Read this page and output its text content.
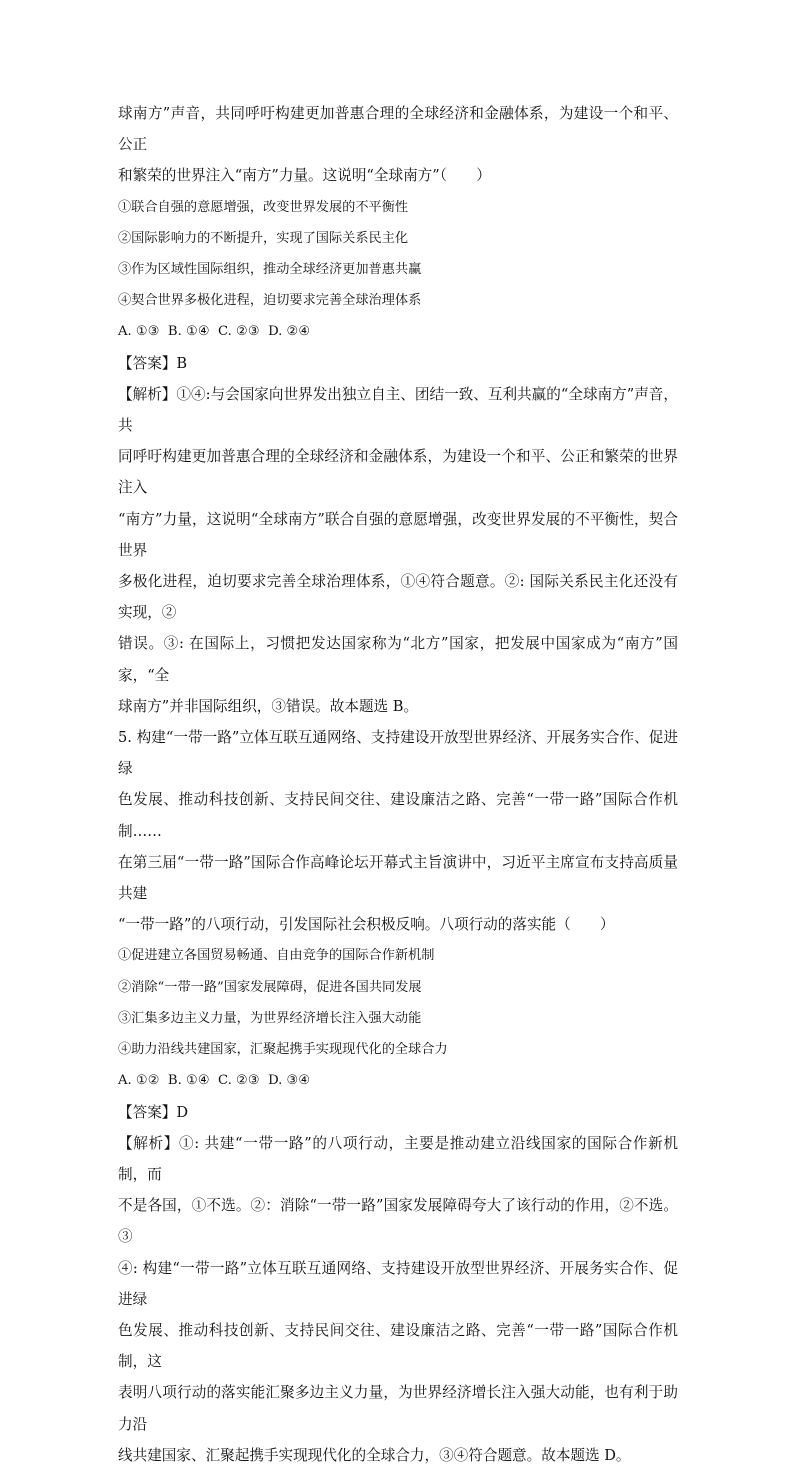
球南方”声音，共同呼吁构建更加普惠合理的全球经济和金融体系，为建设一个和平、公正

和繁荣的世界注入“南方”力量。这说明“全球南方”（　　）

①联合自强的意愿增强，改变世界发展的不平衡性

②国际影响力的不断提升，实现了国际关系民主化

③作为区域性国际组织，推动全球经济更加普惠共赢

④契合世界多极化进程，迫切要求完善全球治理体系

A. ①③  B. ①④  C. ②③  D. ②④

【答案】B

【解析】①④:与会国家向世界发出独立自主、团结一致、互利共赢的“全球南方”声音，共

同呼吁构建更加普惠合理的全球经济和金融体系，为建设一个和平、公正和繁荣的世界注入

“南方”力量，这说明“全球南方”联合自强的意愿增强，改变世界发展的不平衡性，契合世界

多极化进程，迫切要求完善全球治理体系，①④符合题意。②: 国际关系民主化还没有实现，②

错误。③: 在国际上，习惯把发达国家称为“北方”国家，把发展中国家成为“南方”国家，“全

球南方”并非国际组织，③错误。故本题选 B。

5. 构建“一带一路”立体互联互通网络、支持建设开放型世界经济、开展务实合作、促进绿

色发展、推动科技创新、支持民间交往、建设廉洁之路、完善“一带一路”国际合作机制……

在第三届“一带一路”国际合作高峰论坛开幕式主旨演讲中，习近平主席宣布支持高质量共建

“一带一路”的八项行动，引发国际社会积极反响。八项行动的落实能（　　）

①促进建立各国贸易畅通、自由竞争的国际合作新机制

②消除“一带一路”国家发展障碍，促进各国共同发展

③汇集多边主义力量，为世界经济增长注入强大动能

④助力沿线共建国家，汇聚起携手实现现代化的全球合力

A. ①②  B. ①④  C. ②③  D. ③④

【答案】D

【解析】①: 共建“一带一路”的八项行动，主要是推动建立沿线国家的国际合作新机制，而

不是各国，①不选。②：消除“一带一路”国家发展障碍夸大了该行动的作用，②不选。③

④: 构建“一带一路”立体互联互通网络、支持建设开放型世界经济、开展务实合作、促进绿

色发展、推动科技创新、支持民间交往、建设廉洁之路、完善“一带一路”国际合作机制，这

表明八项行动的落实能汇聚多边主义力量，为世界经济增长注入强大动能，也有利于助力沿

线共建国家、汇聚起携手实现现代化的全球合力，③④符合题意。故本题选 D。
